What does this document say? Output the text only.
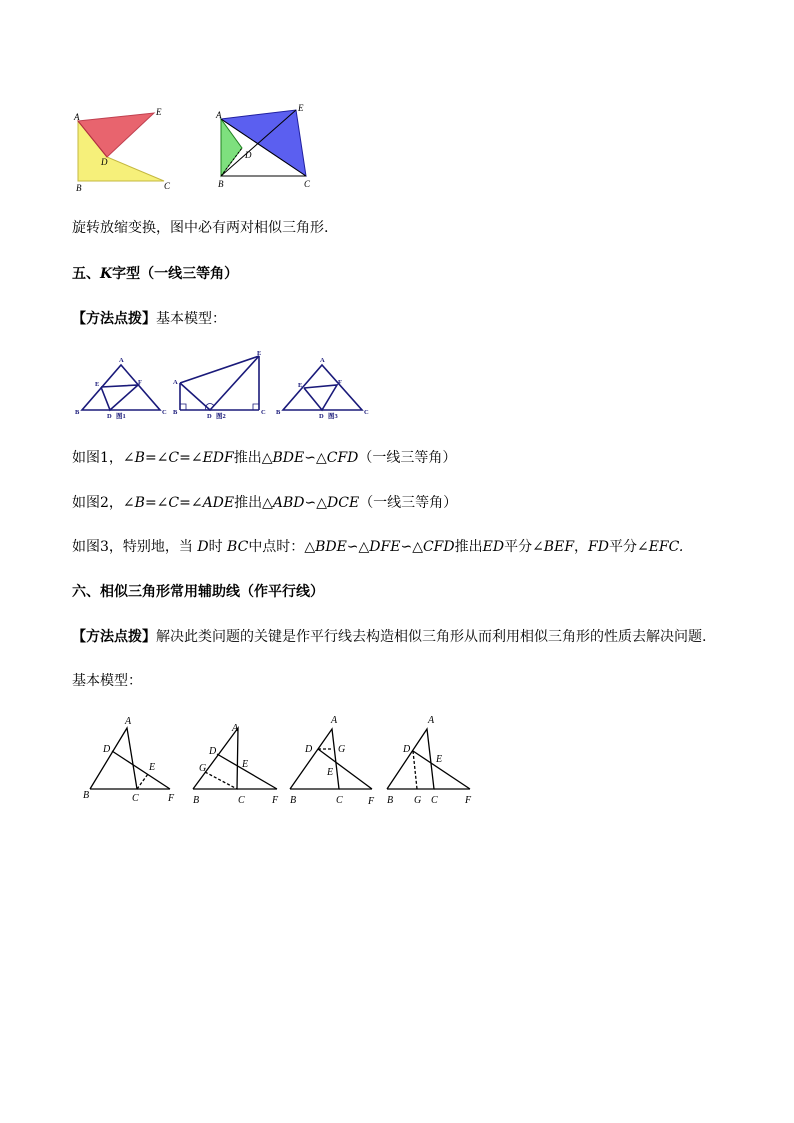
A	E
D
B	C
A
E
D
B	C
旋转放缩变换，图中必有两对相似三角形.
五、K字型（一线三等角）
【方法点拨】基本模型：
A
E	F
B
D 图1
C
E
A
B
D 图2
C
A
E	F
B
D 图3
C
如图1，∠B=∠C=∠EDF推出△BDE∽△CFD（一线三等角）
如图2，∠B=∠C=∠ADE推出△ABD∽△DCE（一线三等角）
如图3，特别地，当 D时 BC中点时：△BDE∽△DFE∽△CFD推出ED平分∠BEF，FD平分∠EFC.
六、相似三角形常用辅助线（作平行线）
【方法点拨】解决此类问题的关键是作平行线去构造相似三角形从而利用相似三角形的性质去解决问题.
基本模型：
A
D
E
B	C	F
A
D
E
G
B	C	F
A
D	G
E
B	C	F
A
D
E
B G C	F
